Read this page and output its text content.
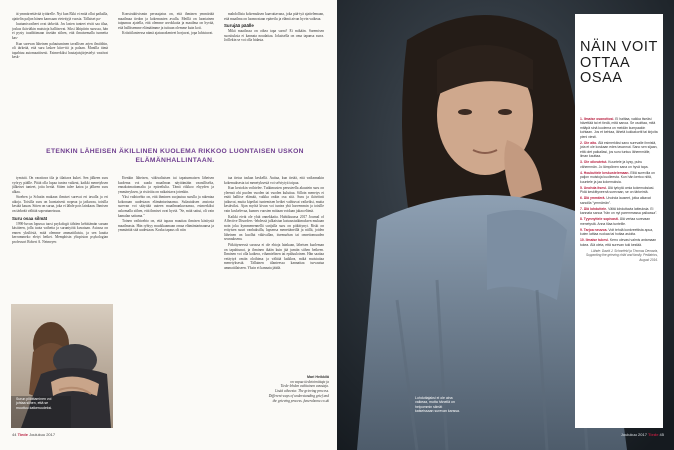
ät ymmärrettävää tyttärelle. Nyt kun Ekki ei enää ollut paikalla, ajattelin paljon hänen kanssaan vietettyjä vuosia. Tällaiset pa-

luutumisvaiheet ovat tärkeitä. Jos lasten tunteet eivät saa tilaa, joskus ikäviäkin muistoja hallitsevat. Siksi lähipiirin surussa, hän ei pysty tuudittimaan itseään siihen, että ilmaisemalla tunnetta kas-

Kun surevan läheinen paluutuminen tavallisen arjen ilmiöihin, oli tärkeää, että suru laskee kiire-ttä ja palaan. Monilla tämä tapahtuu automaattisesti. Esimerkiksi hautajaisjärjestelyt vaativat kesk-

Konstruktivismin perusajatus on, että ihminen ymmärtää maailmaa tiedon ja kokemusten avulla. Meillä on luontainen taipumus ajatella, että olemme arvokkaita ja maailma on hyvää, että hallitsemme elämäämme ja tuttuun olemme kuin koti.

Kriisitilanteessa nämä ajatusrakenteet horjuvat, jopa luhistuvat.

mahdollisia kokemuksen kaavattavana, joka pää-tyä ajattelemaan, että maailma on luonnostaan epäreilu ja elämä aivan hyvin vaikeaa.

Surujää päälle

Mikä maailassa on oikea tapa surra? Ei mikään. Suremisen suosituksia ei kannata noudattaa. Jokaisella on oma tapansa surra. Joillekin se voi olla hidasta.

ETENKIN LÄHEISEN ÄKILLINEN KUOLEMA RIKKOO LUONTAISEN USKON ELÄMÄNHALLINTAAN.

tymistä. On varattava tila ja tilattava kuket. Sen jälkeen suru vyöryy päälle. Pitää olla lupaa tuntea vaikeat, kaikki menetyksen jälkeiset tunteet, joita herää. Sitten tulee katoa ja jälkeen suru alkaa.

Stoeben ja Schutin mukaan ihmiset surevat eri tavalla ja eri aikoja. Toisilla suru on luontaisesti nopeaa ja jatkuvaa, toisilla kestää kauan. Sitten on surua, joka ei lähde pois lainkaan. Ihmisen on tärkeää välttää sopeutuneisuus.

Suru osaa silmät

1990-luvun lopussa tuosi psykologit tähtien kehittämän suruan käsitteen, jolla tuota vaihetta ja suruntyötä kuvataan. Asiassa on ennen yksilöstä, mitä olemme ammattilaisia, ja sen kautta kerrommeko eletyt hetket. Memphisin yliopiston psykologian professori Robert A. Neimeyer.

Etenkin läheisen, väkivaltaisen tai tapaturmaisen läheisen kuolema voi saada maailman näyttämään vaaralliselta, ennakoimattomalta ja epäreilulta. Tämä riikkoo ehyyden ja ymmärryksen, ja ristiriita on ratkaistava jotenkin.

Yksi vaihtoehto on, että ihminen suojautuu surulla ja rakentaa kokonaan uudestaan elämäntarinaansa. Sulautuksen ansiosta surevan voi sääyttää uuteen maailmankuvaansa, esimerkiksi uskomalla siihen, että ihmiset ovat hyviä. "Se, mitä sattui, oli vain kamalan sattuma."

Toinen vaihtoehto on, että tapaus muuttaa ihmisen käsitystä maailmasta. Hän ryhtyy muokkaamaan omaa elämäntarinaansa ja ymmärtää sitä uudestaan. Koska tapaus oli niin

taa tietoa tuskan keskellä. Auttaa, kun tietää, että vaikeanakin kokemuksesta tai menetyksestä voi selviytyä toipua.

Kun kestokin voihtelee. Tutkimusten perusteella akuutein suru on yleensä ohi puolen vuoden tai vuoden kuluttua. Silloin menetys ei enää hallitse elämää, vaikka onkin osa sitä. Suru ja ikävöinti jatkuvat, mutta kipeiksi tuntemisen hetket vaihtuvat vaikeiksi, mutta kestäviksi. Ajan myötä kivun voi tuntea yhä harvemmin ja toisille vain koskelevaa, kunnes vuosien mittaan voidaan jakaa elämä.

Kaikki eivät ole yhtä onnekkaita. Huhtikuussa 2017 Journal of Affective Disorders -lehdessä julkaistun katsaustutkimuksen mukaan noin joka kymmenennellä surijalla suru on pitkittynyt. Riski on erityisen suuri vanhuksilla, lapsensa menettäneillä ja niillä, joiden läheinen on kuollut väkivallan, itsemurhan tai onnettomuuden seurauksena.

Pitkittyneessä surussa ei ole ehtoja lainkaan, läheisen kuoleman on tapahtunut, ja ihminen ikään kuin jää jumiin siihen hetkeen. Ihminen voi olla katkera, vihamielinen tai epäluuloinen. Hän saattaa vetäytyä omiin oloihinsa ja välttää kaikkea, mikä muistuttaa menetyksestä. Tällainen tilanteessa kannattaa turvautua ammattilaiseen. Yksin ei kannata jäädä.

Surun piilottaminen voi johtaa siihen, että se muuttuu katkeruudeksi.
Mari Heikkilä
on vapaa tiedetoimittaja ja
Tiede-lehden vakituinen avustaja.
Lisää aiheesta: The grieving process.
Different ways of understanding grief and
the grieving process. funeralzone.co.uk
44 Tiede Joulukuu 2017
Lohduttajaksi ei ole aina vaikeaa, mutta hänellä on helpommin silmät katseissaan surevan kanssa.
Joulukuu 2017 Tiede 45
NÄIN VOIT OTTAA OSAA

1. Ilmaise osanottosi. Ei haittaa, vaikka itseäsi hävettää tai et tiedä, mitä sanoa. Se osoittaa, mitä mitäpä sinä kuolema on meidän kumpaakin kohtaan. Jos et kehtaa, lähetä kukkakortti tai kirjoita pieni viesti.

2. Ole aito. Älä esimerkiksi sano surevalle ihmistä, jota et ole koskaan edes tavannut. Sano sen sijaan, että olet paikallasi, jos suru tuntuu lähemmälle, ilman kauttaa.

3. Ole oikeutetut. Kuuntele ja kysy, puhu vähemmän. Jo lämpöinen sana on hyvä tapa.

4. Houkuttele keskustelemaan. Eiliä surevilla on paljon muistoja kuolleesta. Kun hän kertoo niitä, kuuntele ja jaa kokemuksia.

5. Unohda itsesi. Älä tyrkytä omia kokemuksiasi. Pidä keskittyneenä surevaan, se on tärkeintä.

6. Älä ymmärrä. Unohda lauseet, jotka alkavat sanoilla "ymmärrän".

7. Älä lohduttele. Vältä lohduttavia latteuksia. Ei kannata sanoa "hän on nyt paremmassa paikassa".

8. Tyynnyttele sopivasti. Älä vertaa surevaan menetystä. Anna tilaa tunteille.

9. Tarjoa neuvoa. Voit tehdä konkreettista apua, kuten laittaa ruokaa tai hoitaa asioita.

10. Ilmaise tukesi. Kerro olevasi valmis antamaan tukea. Älä oleta, että surevan tuki kestää.

Lähde: David J. Schonfeld ja Thomas Demaria, Supporting the grieving child and family. Pediatrics, August 2016.
